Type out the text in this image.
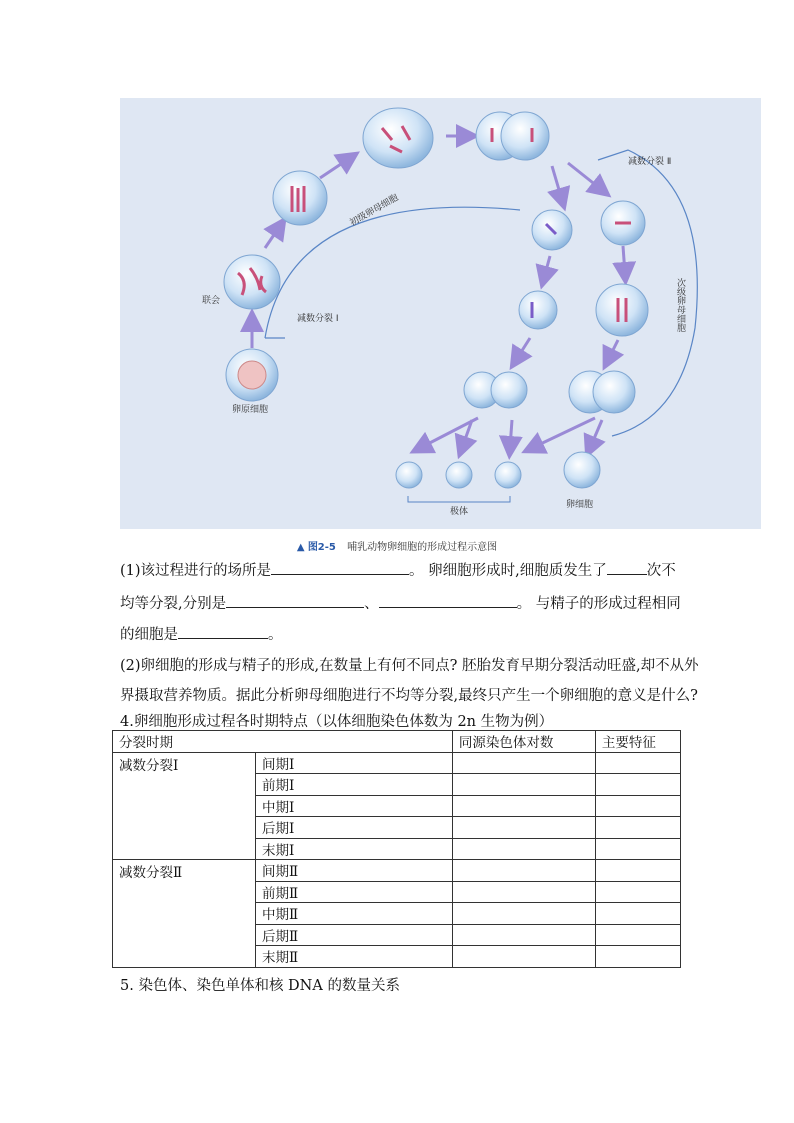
卵原细胞
联会
减数分裂 Ⅰ
初级卵母细胞
减数分裂 Ⅱ
次级卵母细胞
极体
卵细胞
▲ 图2-5 哺乳动物卵细胞的形成过程示意图
(1)该过程进行的场所是	。 卵细胞形成时,细胞质发生了	次不
均等分裂,分别是	、	。 与精子的形成过程相同
的细胞是	。
(2)卵细胞的形成与精子的形成,在数量上有何不同点? 胚胎发育早期分裂活动旺盛,却不从外
界摄取营养物质。据此分析卵母细胞进行不均等分裂,最终只产生一个卵细胞的意义是什么?
4.卵细胞形成过程各时期特点（以体细胞染色体数为 2n 生物为例）
分裂时期		同源染色体对数	主要特征
减数分裂Ⅰ	间期Ⅰ		
	前期Ⅰ		
	中期Ⅰ		
	后期Ⅰ		
	末期Ⅰ		
减数分裂Ⅱ	间期Ⅱ		
	前期Ⅱ		
	中期Ⅱ		
	后期Ⅱ		
	末期Ⅱ		
5. 染色体、染色单体和核 DNA 的数量关系
